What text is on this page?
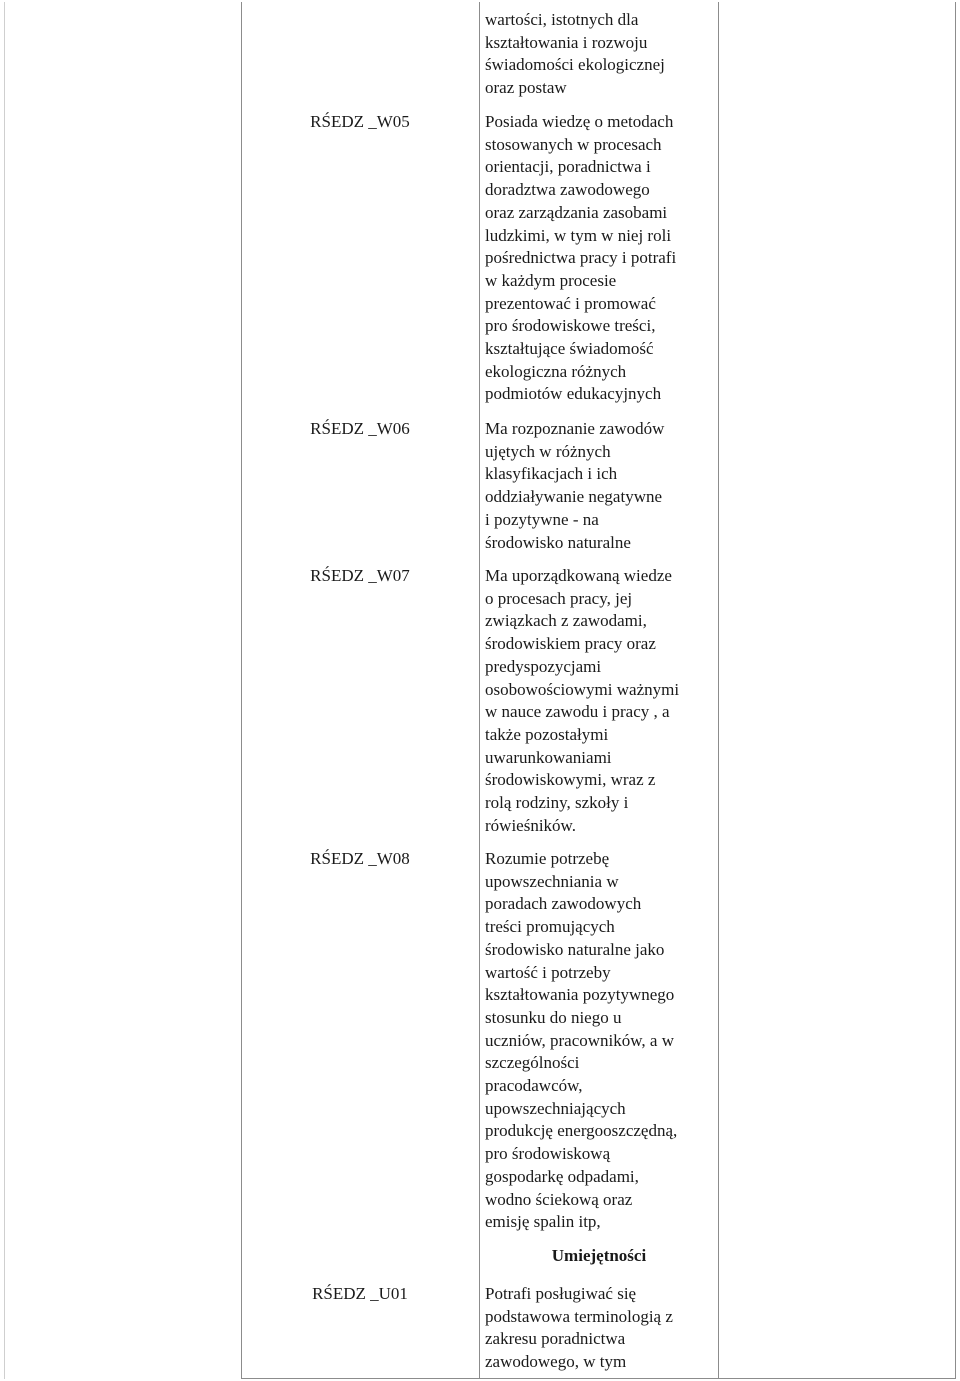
wartości, istotnych dla
kształtowania i rozwoju
świadomości ekologicznej
oraz postaw
RŚEDZ _W05	Posiada wiedzę o metodach
stosowanych w procesach
orientacji, poradnictwa i
doradztwa zawodowego
oraz zarządzania zasobami
ludzkimi, w tym w niej roli
pośrednictwa pracy i potrafi
w każdym procesie
prezentować i promować
pro środowiskowe treści,
kształtujące świadomość
ekologiczna różnych
podmiotów edukacyjnych
RŚEDZ _W06	Ma rozpoznanie zawodów
ujętych w różnych
klasyfikacjach i ich
oddziaływanie negatywne
i pozytywne - na
środowisko naturalne
RŚEDZ _W07	Ma uporządkowaną wiedze
o procesach pracy, jej
związkach z zawodami,
środowiskiem pracy oraz
predyspozycjami
osobowościowymi ważnymi
w nauce zawodu i pracy , a
także pozostałymi
uwarunkowaniami
środowiskowymi, wraz z
rolą rodziny, szkoły i
rówieśników.
RŚEDZ _W08	Rozumie potrzebę
upowszechniania w
poradach zawodowych
treści promujących
środowisko naturalne jako
wartość i potrzeby
kształtowania pozytywnego
stosunku do niego u
uczniów, pracowników, a w
szczególności
pracodawców,
upowszechniających
produkcję energooszczędną,
pro środowiskową
gospodarkę odpadami,
wodno ściekową oraz
emisję spalin itp,
Umiejętności
RŚEDZ _U01	Potrafi posługiwać się
podstawowa terminologią z
zakresu poradnictwa
zawodowego, w tym
